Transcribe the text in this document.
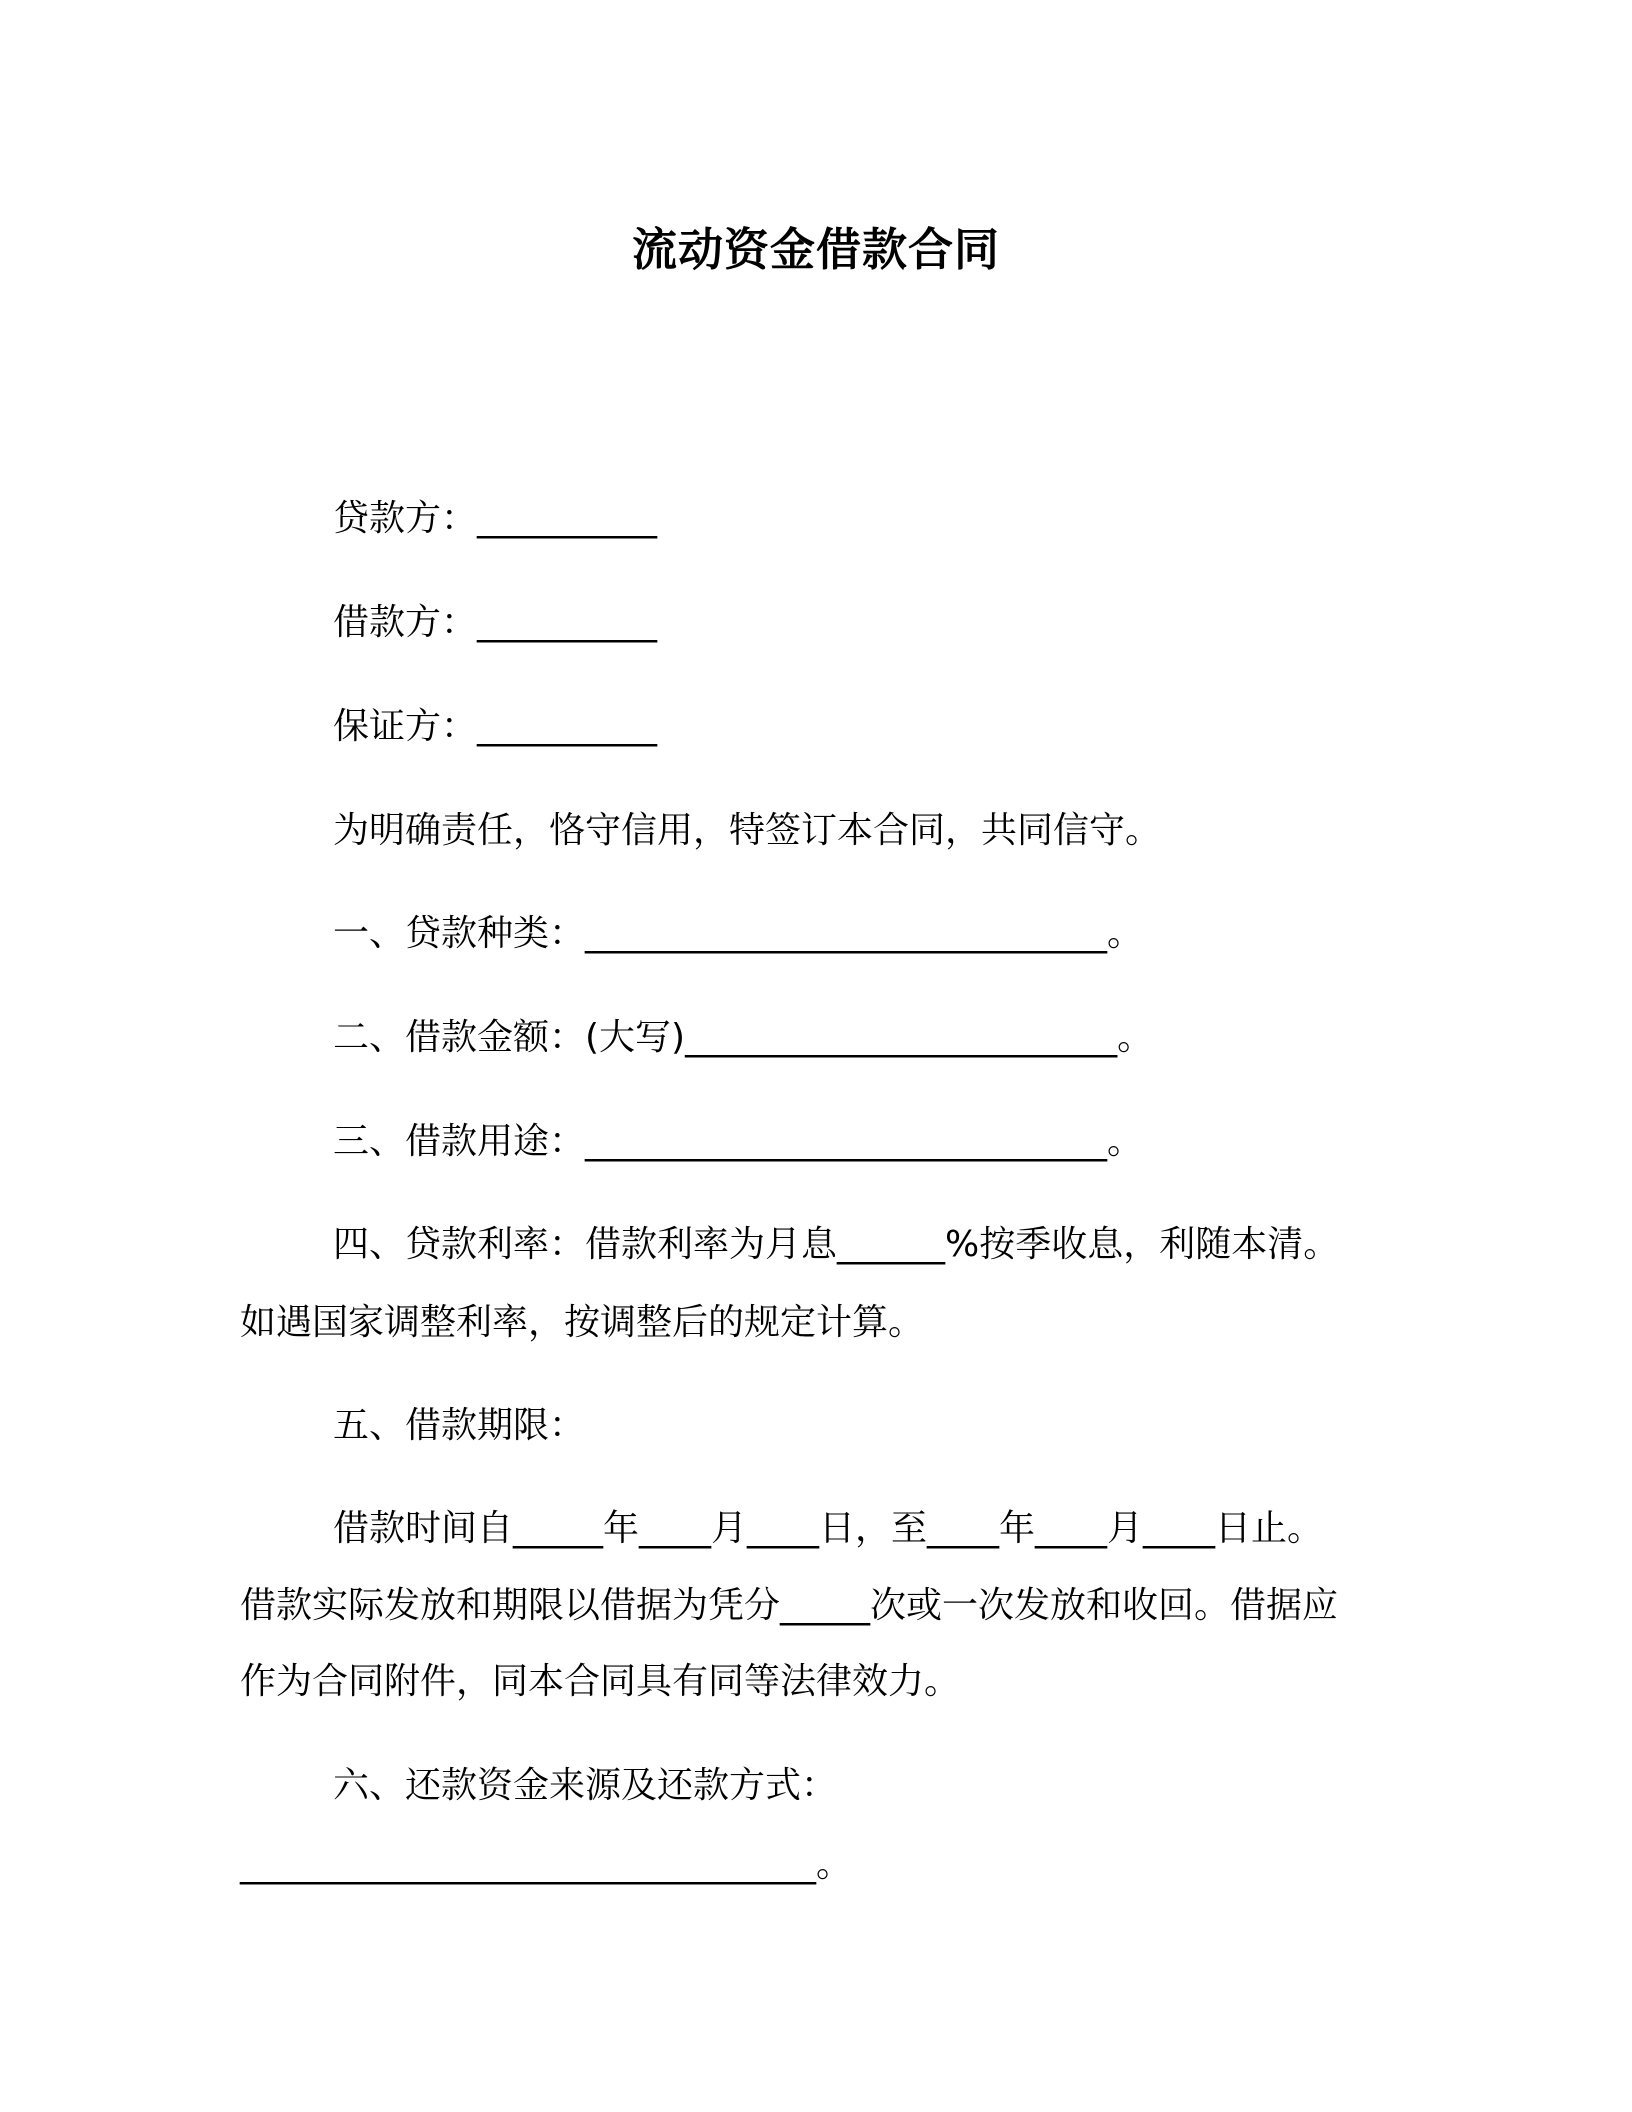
流动资金借款合同
贷款方：__________
借款方：__________
保证方：__________
为明确责任，恪守信用，特签订本合同，共同信守。
一、贷款种类：_____________________________。
二、借款金额：(大写)________________________。
三、借款用途：_____________________________。
四、贷款利率：借款利率为月息______%按季收息，利随本清。
如遇国家调整利率，按调整后的规定计算。
五、借款期限：
借款时间自_____年____月____日，至____年____月____日止。
借款实际发放和期限以借据为凭分_____次或一次发放和收回。借据应
作为合同附件，同本合同具有同等法律效力。
六、还款资金来源及还款方式：
________________________________。
